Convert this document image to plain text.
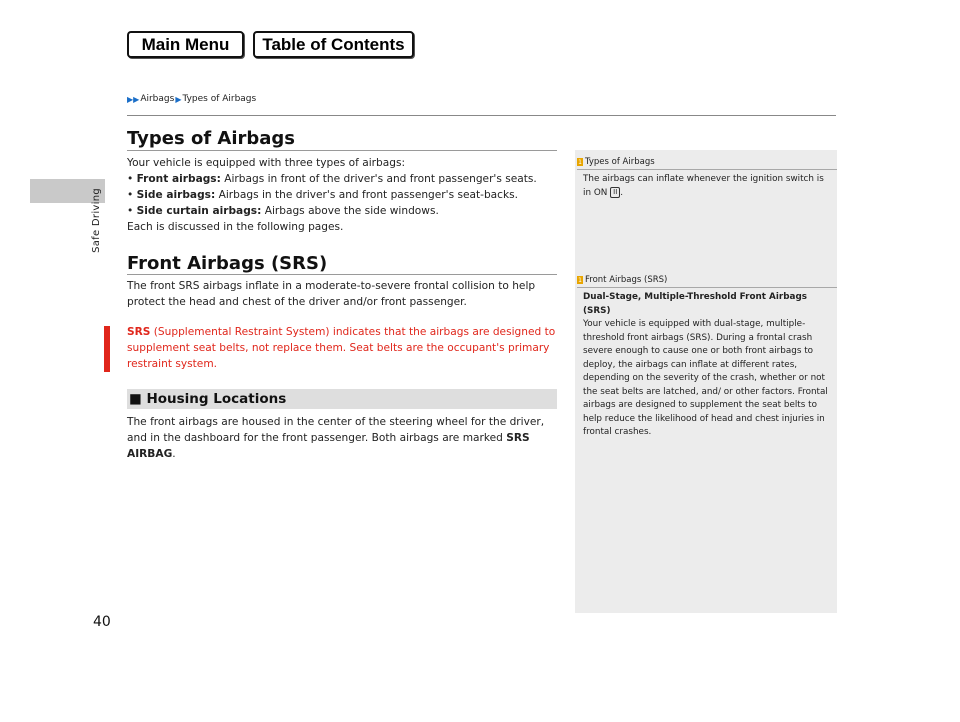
Main Menu	Table of Contents
▶▶ Airbags ▶ Types of Airbags
Safe Driving
40
Types of Airbags
Your vehicle is equipped with three types of airbags:
• Front airbags: Airbags in front of the driver's and front passenger's seats.
• Side airbags: Airbags in the driver's and front passenger's seat-backs.
• Side curtain airbags: Airbags above the side windows.
Each is discussed in the following pages.
Front Airbags (SRS)
The front SRS airbags inflate in a moderate-to-severe frontal collision to help protect the head and chest of the driver and/or front passenger.
SRS (Supplemental Restraint System) indicates that the airbags are designed to supplement seat belts, not replace them. Seat belts are the occupant's primary restraint system.
■ Housing Locations
The front airbags are housed in the center of the steering wheel for the driver, and in the dashboard for the front passenger. Both airbags are marked SRS AIRBAG.
1 Types of Airbags
The airbags can inflate whenever the ignition switch is in ON II .
1 Front Airbags (SRS)
Dual-Stage, Multiple-Threshold Front Airbags (SRS)
Your vehicle is equipped with dual-stage, multiple-threshold front airbags (SRS). During a frontal crash severe enough to cause one or both front airbags to deploy, the airbags can inflate at different rates, depending on the severity of the crash, whether or not the seat belts are latched, and/ or other factors. Frontal airbags are designed to supplement the seat belts to help reduce the likelihood of head and chest injuries in frontal crashes.
